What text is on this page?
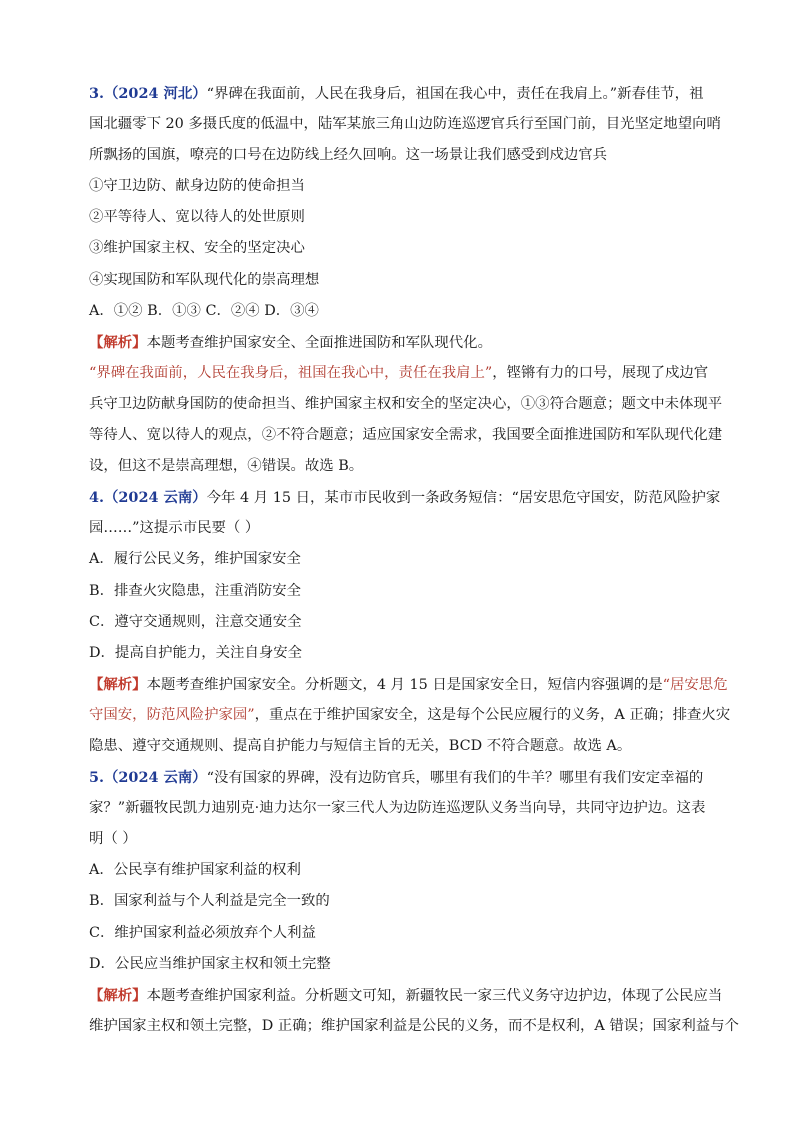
3.（2024 河北）“界碑在我面前，人民在我身后，祖国在我心中，责任在我肩上。”新春佳节，祖
国北疆零下 20 多摄氏度的低温中，陆军某旅三角山边防连巡逻官兵行至国门前，目光坚定地望向哨
所飘扬的国旗，嘹亮的口号在边防线上经久回响。这一场景让我们感受到戍边官兵
①守卫边防、献身边防的使命担当
②平等待人、宽以待人的处世原则
③维护国家主权、安全的坚定决心
④实现国防和军队现代化的崇高理想
A．①② B．①③ C．②④ D．③④
【解析】本题考查维护国家安全、全面推进国防和军队现代化。
“界碑在我面前，人民在我身后，祖国在我心中，责任在我肩上”，铿锵有力的口号，展现了戍边官
兵守卫边防献身国防的使命担当、维护国家主权和安全的坚定决心，①③符合题意；题文中未体现平
等待人、宽以待人的观点，②不符合题意；适应国家安全需求，我国要全面推进国防和军队现代化建
设，但这不是崇高理想，④错误。故选 B。
4.（2024 云南）今年 4 月 15 日，某市市民收到一条政务短信：“居安思危守国安，防范风险护家
园……”这提示市民要（ ）
A．履行公民义务，维护国家安全
B．排查火灾隐患，注重消防安全
C．遵守交通规则，注意交通安全
D．提高自护能力，关注自身安全
【解析】本题考查维护国家安全。分析题文，4 月 15 日是国家安全日，短信内容强调的是“居安思危
守国安，防范风险护家园”，重点在于维护国家安全，这是每个公民应履行的义务，A 正确；排查火灾
隐患、遵守交通规则、提高自护能力与短信主旨的无关，BCD 不符合题意。故选 A。
5.（2024 云南）“没有国家的界碑，没有边防官兵，哪里有我们的牛羊？哪里有我们安定幸福的
家？”新疆牧民凯力迪别克·迪力达尔一家三代人为边防连巡逻队义务当向导，共同守边护边。这表
明（ ）
A．公民享有维护国家利益的权利
B．国家利益与个人利益是完全一致的
C．维护国家利益必须放弃个人利益
D．公民应当维护国家主权和领土完整
【解析】本题考查维护国家利益。分析题文可知，新疆牧民一家三代义务守边护边，体现了公民应当
维护国家主权和领土完整，D 正确；维护国家利益是公民的义务，而不是权利，A 错误；国家利益与个
